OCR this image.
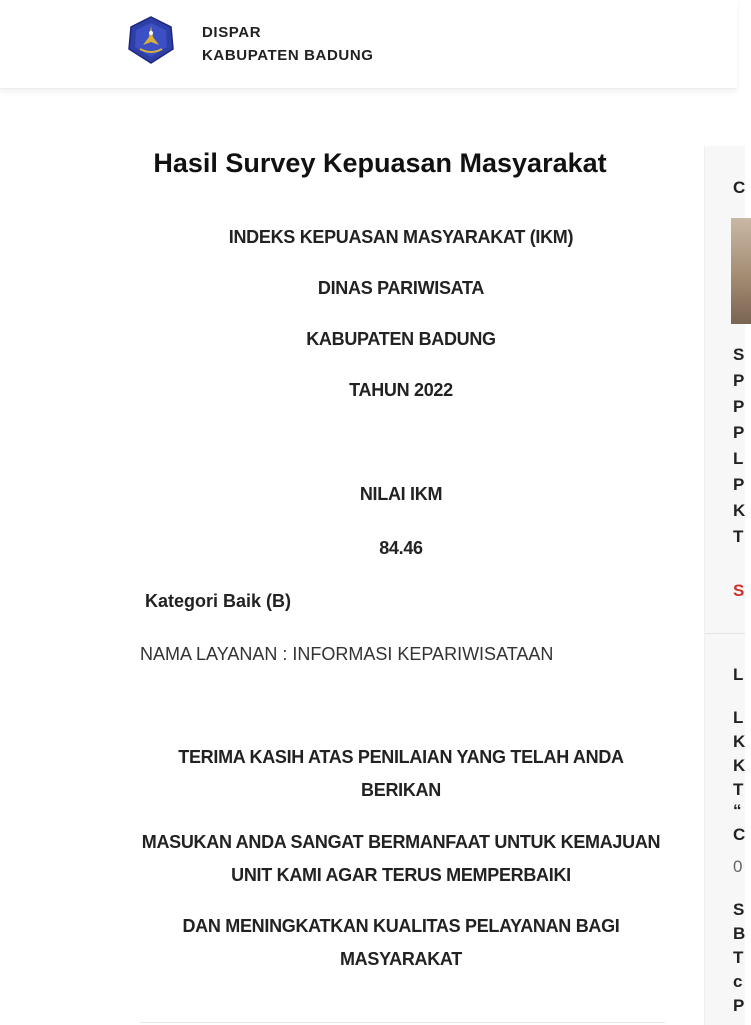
DISPAR
KABUPATEN BADUNG
Hasil Survey Kepuasan Masyarakat
INDEKS KEPUASAN MASYARAKAT (IKM)
DINAS PARIWISATA
KABUPATEN BADUNG
TAHUN 2022
NILAI IKM
84.46
Kategori Baik (B)
NAMA LAYANAN : INFORMASI KEPARIWISATAAN
TERIMA KASIH ATAS PENILAIAN YANG TELAH ANDA
BERIKAN
MASUKAN ANDA SANGAT BERMANFAAT UNTUK KEMAJUAN
UNIT KAMI AGAR TERUS MEMPERBAIKI
DAN MENINGKATKAN KUALITAS PELAYANAN BAGI
MASYARAKAT
C
S
P
P
P
L
P
K
T
S
L
L
K
K
T
“
C
0
S
B
T
c
P
